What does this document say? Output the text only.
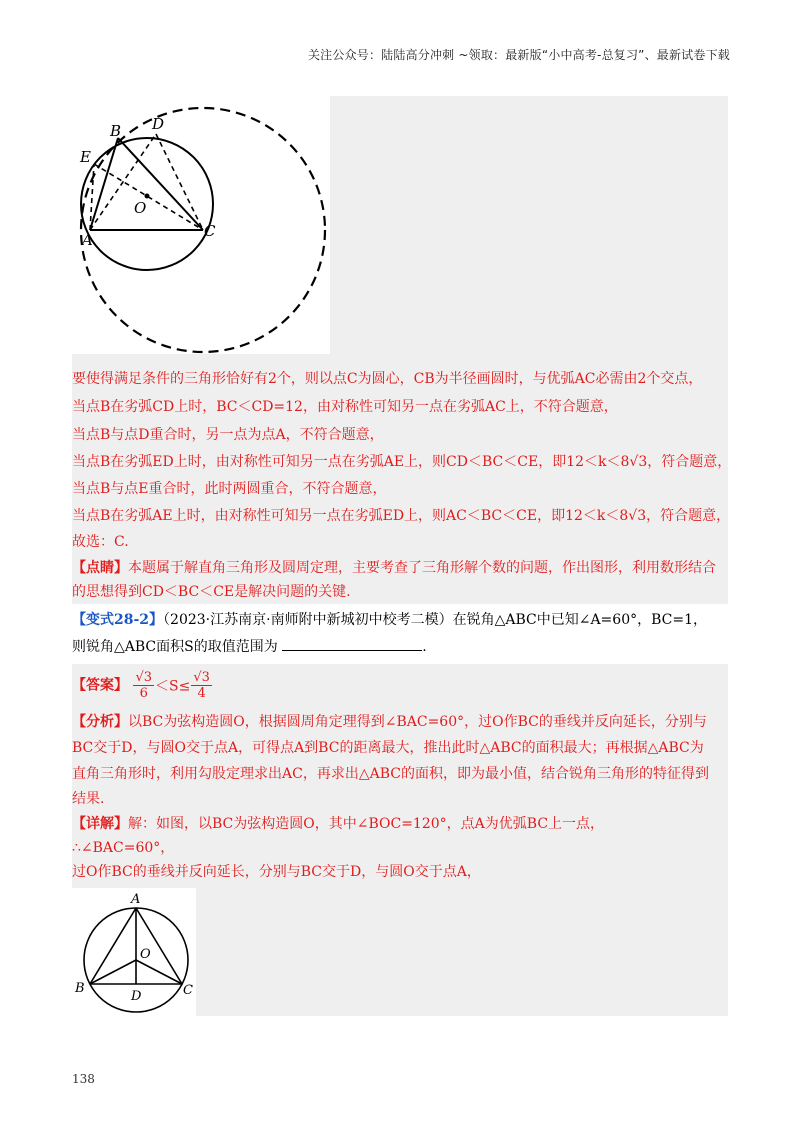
关注公众号：陆陆高分冲刺 ~领取：最新版“小中高考-总复习”、最新试卷下载
B D
E
O
A	C
要使得满足条件的三角形恰好有2个，则以点C为圆心，CB为半径画圆时，与优弧AC必需由2个交点，
当点B在劣弧CD上时，BC＜CD=12，由对称性可知另一点在劣弧AC上，不符合题意，
当点B与点D重合时，另一点为点A，不符合题意，
当点B在劣弧ED上时，由对称性可知另一点在劣弧AE上，则CD＜BC＜CE，即12＜k＜8√3，符合题意，
当点B与点E重合时，此时两圆重合，不符合题意，
当点B在劣弧AE上时，由对称性可知另一点在劣弧ED上，则AC＜BC＜CE，即12＜k＜8√3，符合题意，
故选：C.
【点睛】本题属于解直角三角形及圆周定理，主要考查了三角形解个数的问题，作出图形，利用数形结合
的思想得到CD＜BC＜CE是解决问题的关键.
【变式28-2】（2023·江苏南京·南师附中新城初中校考二模）在锐角△ABC中已知∠A=60°，BC=1，
则锐角△ABC面积S的取值范围为	.
【答案】 $\frac{√3}{6} <S\le \frac{√3}{4}$
【分析】以BC为弦构造圆O，根据圆周角定理得到∠BAC=60°，过O作BC的垂线并反向延长，分别与
BC交于D，与圆O交于点A，可得点A到BC的距离最大，推出此时△ABC的面积最大；再根据△ABC为
直角三角形时，利用勾股定理求出AC，再求出△ABC的面积，即为最小值，结合锐角三角形的特征得到
结果.
【详解】解：如图，以BC为弦构造圆O，其中∠BOC=120°，点A为优弧BC上一点，
∴∠BAC=60°，
过O作BC的垂线并反向延长，分别与BC交于D，与圆O交于点A，
A
O
B
D	C
138
